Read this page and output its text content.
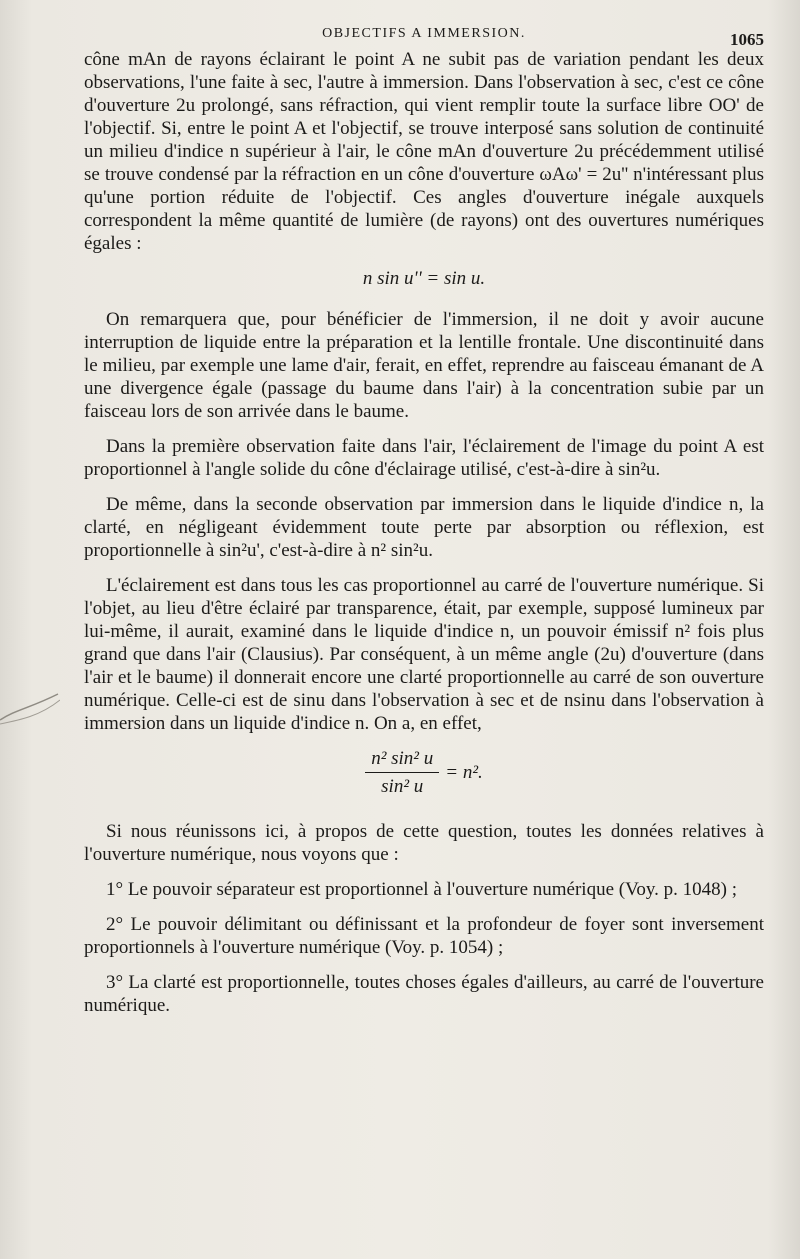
OBJECTIFS A IMMERSION.	1065

cône mAn de rayons éclairant le point A ne subit pas de variation pendant les deux observations, l'une faite à sec, l'autre à immersion. Dans l'observation à sec, c'est ce cône d'ouverture 2u prolongé, sans réfraction, qui vient remplir toute la surface libre OO' de l'objectif. Si, entre le point A et l'objectif, se trouve interposé sans solution de continuité un milieu d'indice n supérieur à l'air, le cône mAn d'ouverture 2u précédemment utilisé se trouve condensé par la réfraction en un cône d'ouverture ωAω' = 2u'' n'intéressant plus qu'une portion réduite de l'objectif. Ces angles d'ouverture inégale auxquels correspondent la même quantité de lumière (de rayons) ont des ouvertures numériques égales :

n sin u'' = sin u.

On remarquera que, pour bénéficier de l'immersion, il ne doit y avoir aucune interruption de liquide entre la préparation et la lentille frontale. Une discontinuité dans le milieu, par exemple une lame d'air, ferait, en effet, reprendre au faisceau émanant de A une divergence égale (passage du baume dans l'air) à la concentration subie par un faisceau lors de son arrivée dans le baume.

Dans la première observation faite dans l'air, l'éclairement de l'image du point A est proportionnel à l'angle solide du cône d'éclairage utilisé, c'est-à-dire à sin²u.

De même, dans la seconde observation par immersion dans le liquide d'indice n, la clarté, en négligeant évidemment toute perte par absorption ou réflexion, est proportionnelle à sin²u', c'est-à-dire à n² sin²u.

L'éclairement est dans tous les cas proportionnel au carré de l'ouverture numérique. Si l'objet, au lieu d'être éclairé par transparence, était, par exemple, supposé lumineux par lui-même, il aurait, examiné dans le liquide d'indice n, un pouvoir émissif n² fois plus grand que dans l'air (Clausius). Par conséquent, à un même angle (2u) d'ouverture (dans l'air et le baume) il donnerait encore une clarté proportionnelle au carré de son ouverture numérique. Celle-ci est de sinu dans l'observation à sec et de nsinu dans l'observation à immersion dans un liquide d'indice n. On a, en effet,

$\frac{\text{n² sin² u}}{\text{sin² u}} = n^2$.

Si nous réunissons ici, à propos de cette question, toutes les données relatives à l'ouverture numérique, nous voyons que :

1° Le pouvoir séparateur est proportionnel à l'ouverture numérique (Voy. p. 1048) ;

2° Le pouvoir délimitant ou définissant et la profondeur de foyer sont inversement proportionnels à l'ouverture numérique (Voy. p. 1054) ;

3° La clarté est proportionnelle, toutes choses égales d'ailleurs, au carré de l'ouverture numérique.
